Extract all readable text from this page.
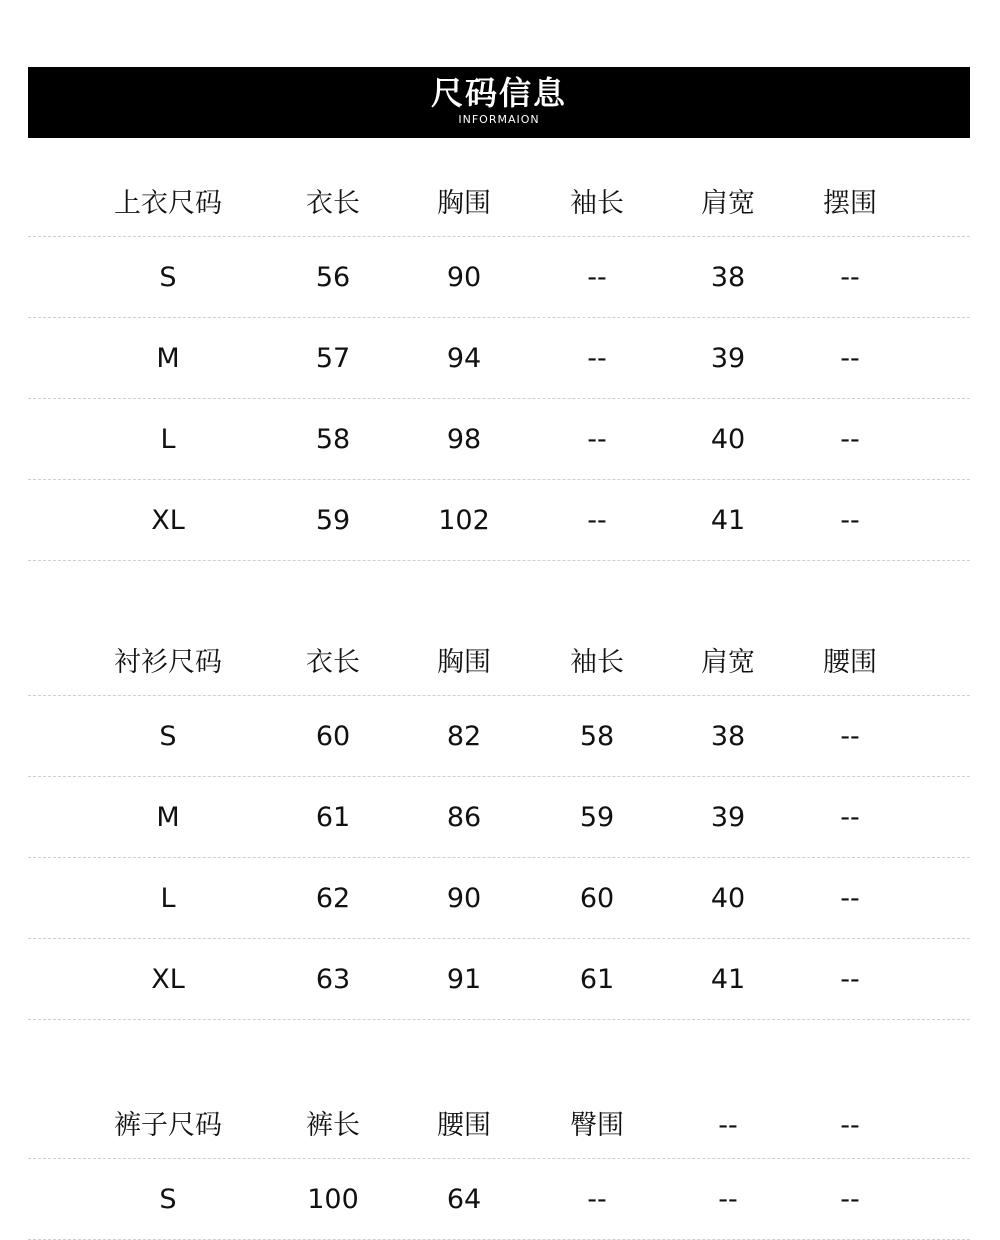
尺码信息
INFORMAION
上衣尺码	衣长	胸围	袖长	肩宽	摆围
S	56	90	--	38	--
M	57	94	--	39	--
L	58	98	--	40	--
XL	59	102	--	41	--
衬衫尺码	衣长	胸围	袖长	肩宽	腰围
S	60	82	58	38	--
M	61	86	59	39	--
L	62	90	60	40	--
XL	63	91	61	41	--
裤子尺码	裤长	腰围	臀围	--	--
S	100	64	--	--	--
